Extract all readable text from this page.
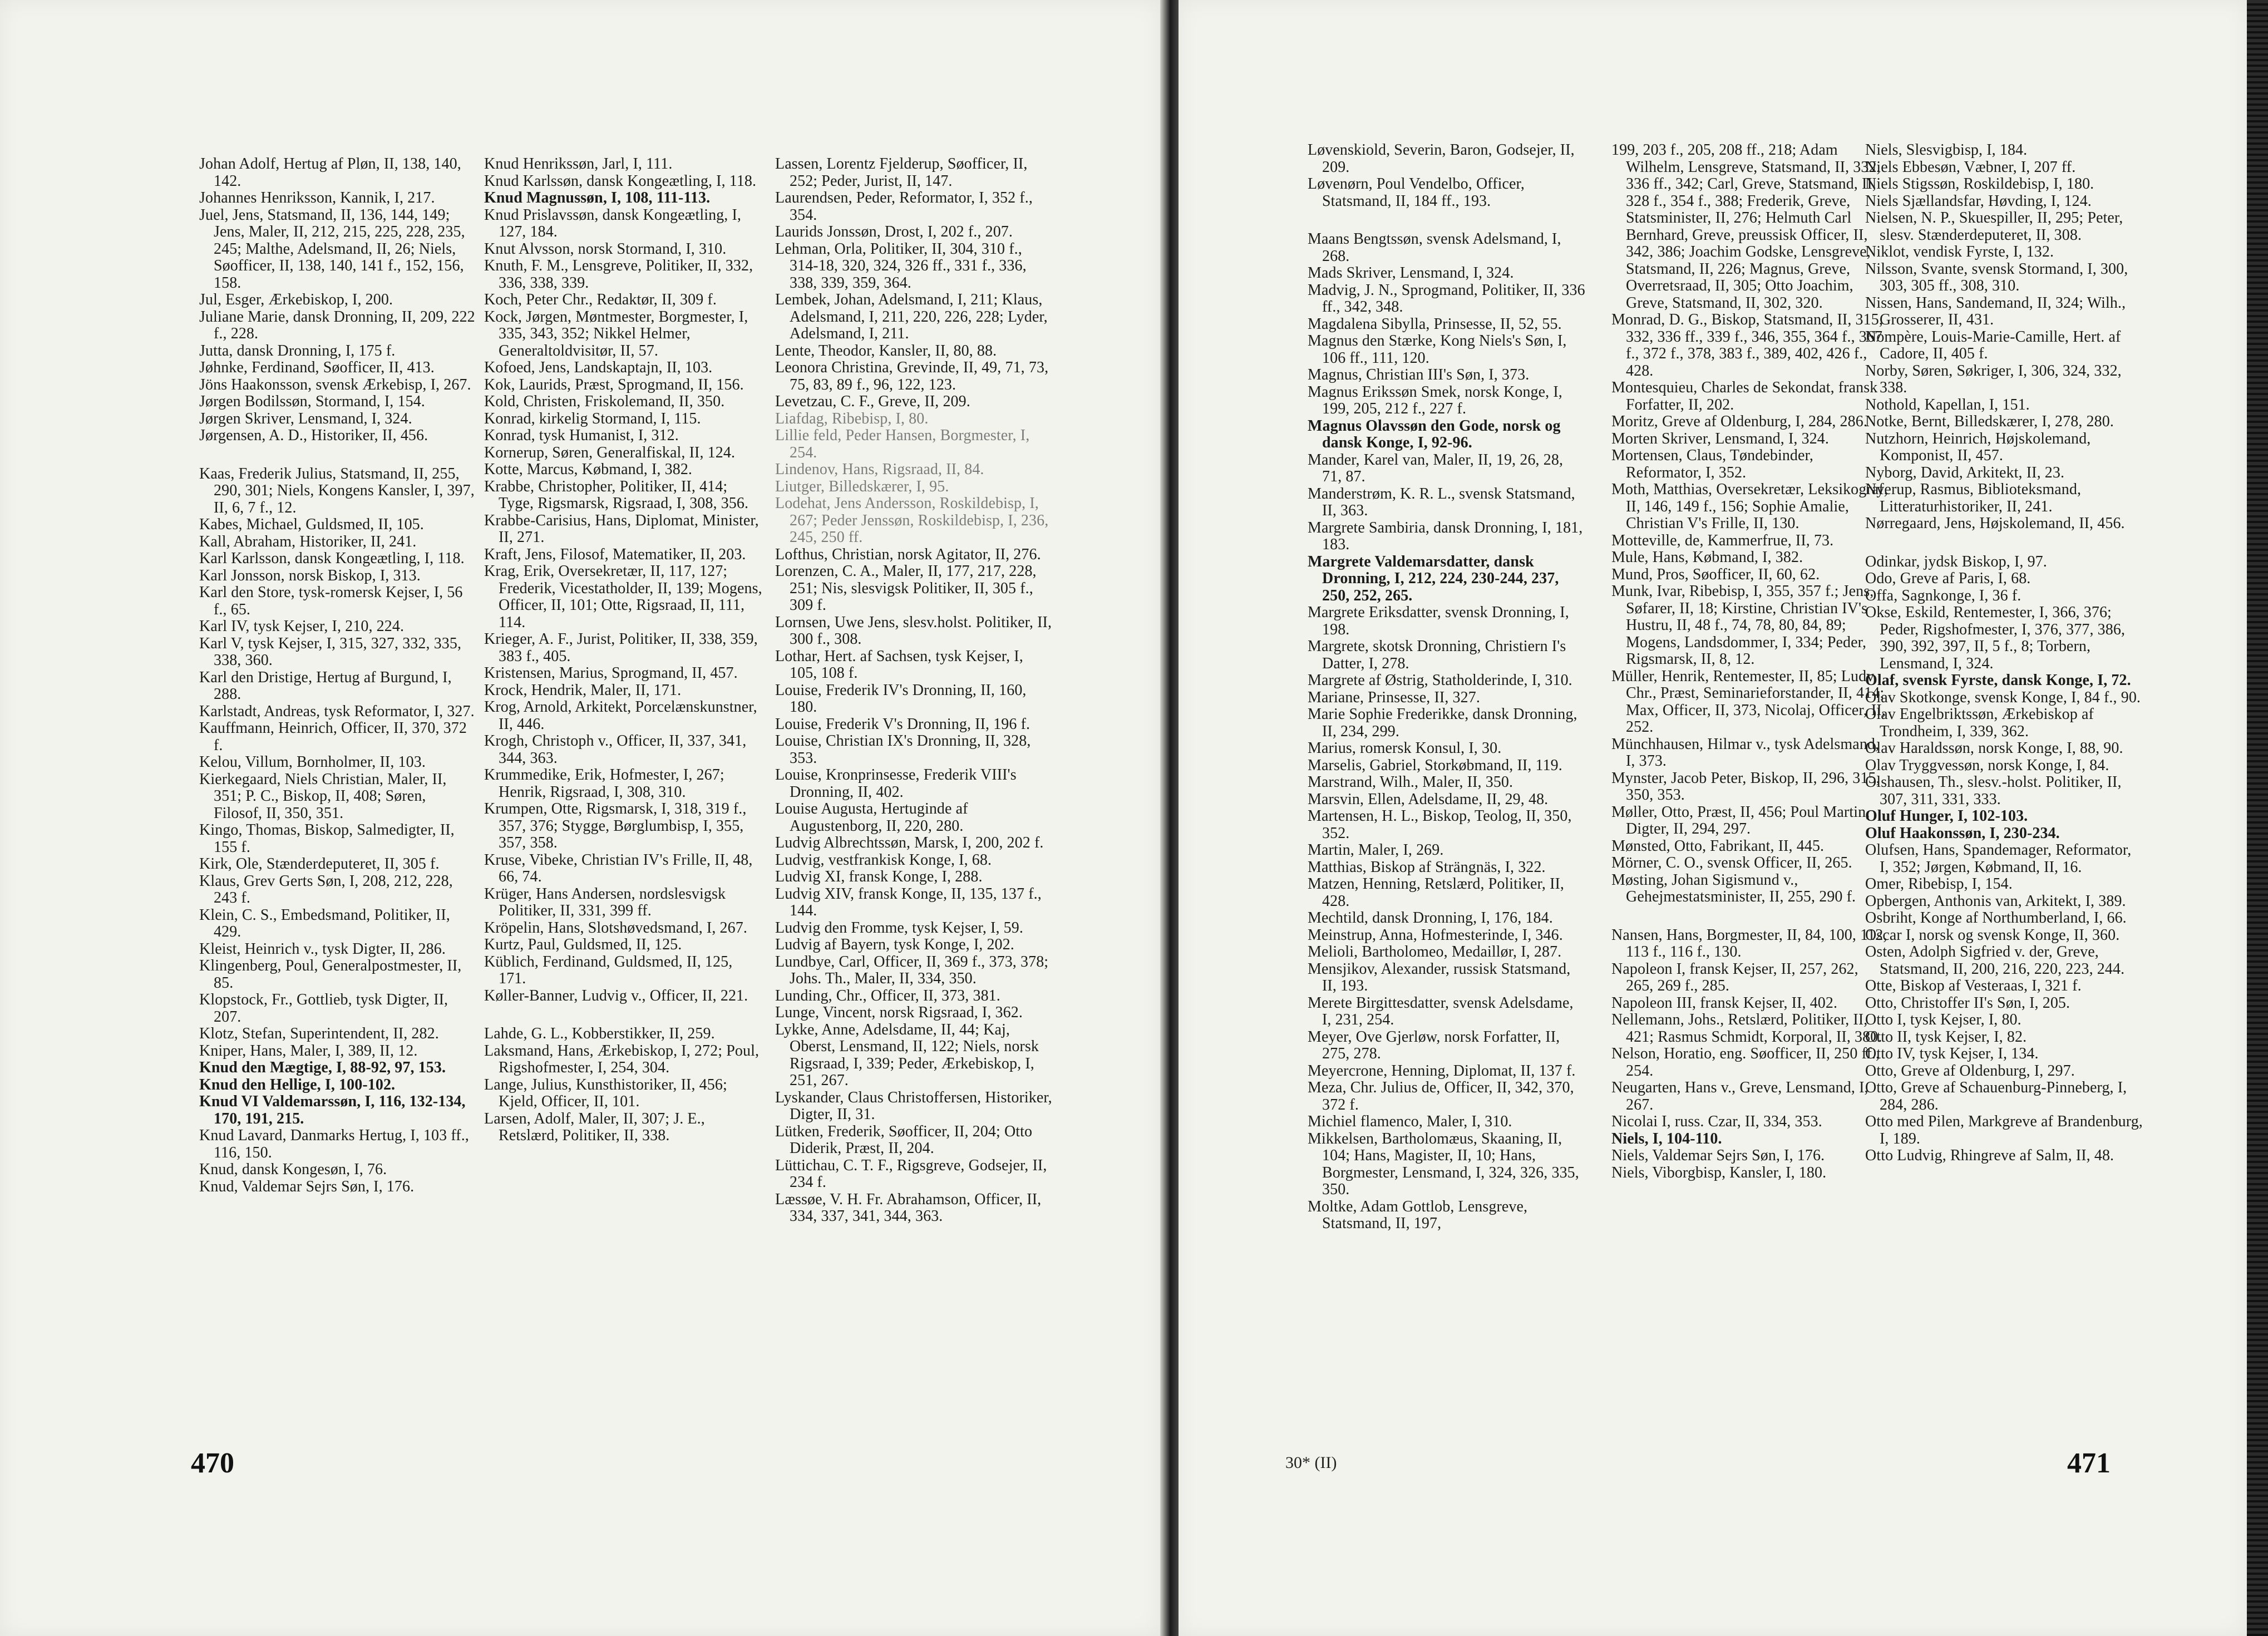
Johan Adolf, Hertug af Pløn, II, 138, 140, 142.
Johannes Henriksson, Kannik, I, 217.
Juel, Jens, Statsmand, II, 136, 144, 149; Jens, Maler, II, 212, 215, 225, 228, 235, 245; Malthe, Adelsmand, II, 26; Niels, Søofficer, II, 138, 140, 141 f., 152, 156, 158.
Jul, Esger, Ærkebiskop, I, 200.
Juliane Marie, dansk Dronning, II, 209, 222 f., 228.
Jutta, dansk Dronning, I, 175 f.
Jøhnke, Ferdinand, Søofficer, II, 413.
Jöns Haakonsson, svensk Ærkebisp, I, 267.
Jørgen Bodilssøn, Stormand, I, 154.
Jørgen Skriver, Lensmand, I, 324.
Jørgensen, A. D., Historiker, II, 456.
Kaas, Frederik Julius, Statsmand, II, 255, 290, 301; Niels, Kongens Kansler, I, 397, II, 6, 7 f., 12.
Kabes, Michael, Guldsmed, II, 105.
Kall, Abraham, Historiker, II, 241.
Karl Karlsson, dansk Kongeætling, I, 118.
Karl Jonsson, norsk Biskop, I, 313.
Karl den Store, tysk-romersk Kejser, I, 56 f., 65.
Karl IV, tysk Kejser, I, 210, 224.
Karl V, tysk Kejser, I, 315, 327, 332, 335, 338, 360.
Karl den Dristige, Hertug af Burgund, I, 288.
Karlstadt, Andreas, tysk Reformator, I, 327.
Kauffmann, Heinrich, Officer, II, 370, 372 f.
Kelou, Villum, Bornholmer, II, 103.
Kierkegaard, Niels Christian, Maler, II, 351; P. C., Biskop, II, 408; Søren, Filosof, II, 350, 351.
Kingo, Thomas, Biskop, Salmedigter, II, 155 f.
Kirk, Ole, Stænderdeputeret, II, 305 f.
Klaus, Grev Gerts Søn, I, 208, 212, 228, 243 f.
Klein, C. S., Embedsmand, Politiker, II, 429.
Kleist, Heinrich v., tysk Digter, II, 286.
Klingenberg, Poul, Generalpostmester, II, 85.
Klopstock, Fr., Gottlieb, tysk Digter, II, 207.
Klotz, Stefan, Superintendent, II, 282.
Kniper, Hans, Maler, I, 389, II, 12.
Knud den Mægtige, I, 88-92, 97, 153.
Knud den Hellige, I, 100-102.
Knud VI Valdemarssøn, I, 116, 132-134, 170, 191, 215.
Knud Lavard, Danmarks Hertug, I, 103 ff., 116, 150.
Knud, dansk Kongesøn, I, 76.
Knud, Valdemar Sejrs Søn, I, 176.
Knud Henrikssøn, Jarl, I, 111.
Knud Karlssøn, dansk Kongeætling, I, 118.
Knud Magnussøn, I, 108, 111-113.
Knud Prislavssøn, dansk Kongeætling, I, 127, 184.
Knut Alvsson, norsk Stormand, I, 310.
Knuth, F. M., Lensgreve, Politiker, II, 332, 336, 338, 339.
Koch, Peter Chr., Redaktør, II, 309 f.
Kock, Jørgen, Møntmester, Borgmester, I, 335, 343, 352; Nikkel Helmer, Generaltoldvisitør, II, 57.
Kofoed, Jens, Landskaptajn, II, 103.
Kok, Laurids, Præst, Sprogmand, II, 156.
Kold, Christen, Friskolemand, II, 350.
Konrad, kirkelig Stormand, I, 115.
Konrad, tysk Humanist, I, 312.
Kornerup, Søren, Generalfiskal, II, 124.
Kotte, Marcus, Købmand, I, 382.
Krabbe, Christopher, Politiker, II, 414; Tyge, Rigsmarsk, Rigsraad, I, 308, 356.
Krabbe-Carisius, Hans, Diplomat, Minister, II, 271.
Kraft, Jens, Filosof, Matematiker, II, 203.
Krag, Erik, Oversekretær, II, 117, 127; Frederik, Vicestatholder, II, 139; Mogens, Officer, II, 101; Otte, Rigsraad, II, 111, 114.
Krieger, A. F., Jurist, Politiker, II, 338, 359, 383 f., 405.
Kristensen, Marius, Sprogmand, II, 457.
Krock, Hendrik, Maler, II, 171.
Krog, Arnold, Arkitekt, Porcelænskunstner, II, 446.
Krogh, Christoph v., Officer, II, 337, 341, 344, 363.
Krummedike, Erik, Hofmester, I, 267; Henrik, Rigsraad, I, 308, 310.
Krumpen, Otte, Rigsmarsk, I, 318, 319 f., 357, 376; Stygge, Børglumbisp, I, 355, 357, 358.
Kruse, Vibeke, Christian IV's Frille, II, 48, 66, 74.
Krüger, Hans Andersen, nordslesvigsk Politiker, II, 331, 399 ff.
Kröpelin, Hans, Slotshøvedsmand, I, 267.
Kurtz, Paul, Guldsmed, II, 125.
Küblich, Ferdinand, Guldsmed, II, 125, 171.
Køller-Banner, Ludvig v., Officer, II, 221.
Lahde, G. L., Kobberstikker, II, 259.
Laksmand, Hans, Ærkebiskop, I, 272; Poul, Rigshofmester, I, 254, 304.
Lange, Julius, Kunsthistoriker, II, 456; Kjeld, Officer, II, 101.
Larsen, Adolf, Maler, II, 307; J. E., Retslærd, Politiker, II, 338.
Lassen, Lorentz Fjelderup, Søofficer, II, 252; Peder, Jurist, II, 147.
Laurendsen, Peder, Reformator, I, 352 f., 354.
Laurids Jonssøn, Drost, I, 202 f., 207.
Lehman, Orla, Politiker, II, 304, 310 f., 314-18, 320, 324, 326 ff., 331 f., 336, 338, 339, 359, 364.
Lembek, Johan, Adelsmand, I, 211; Klaus, Adelsmand, I, 211, 220, 226, 228; Lyder, Adelsmand, I, 211.
Lente, Theodor, Kansler, II, 80, 88.
Leonora Christina, Grevinde, II, 49, 71, 73, 75, 83, 89 f., 96, 122, 123.
Levetzau, C. F., Greve, II, 209.
Liafdag, Ribebisp, I, 80.
Lillie feld, Peder Hansen, Borgmester, I, 254.
Lindenov, Hans, Rigsraad, II, 84.
Liutger, Billedskærer, I, 95.
Lodehat, Jens Andersson, Roskildebisp, I, 267; Peder Jenssøn, Roskildebisp, I, 236, 245, 250 ff.
Lofthus, Christian, norsk Agitator, II, 276.
Lorenzen, C. A., Maler, II, 177, 217, 228, 251; Nis, slesvigsk Politiker, II, 305 f., 309 f.
Lornsen, Uwe Jens, slesv.holst. Politiker, II, 300 f., 308.
Lothar, Hert. af Sachsen, tysk Kejser, I, 105, 108 f.
Louise, Frederik IV's Dronning, II, 160, 180.
Louise, Frederik V's Dronning, II, 196 f.
Louise, Christian IX's Dronning, II, 328, 353.
Louise, Kronprinsesse, Frederik VIII's Dronning, II, 402.
Louise Augusta, Hertuginde af Augustenborg, II, 220, 280.
Ludvig Albrechtssøn, Marsk, I, 200, 202 f.
Ludvig, vestfrankisk Konge, I, 68.
Ludvig XI, fransk Konge, I, 288.
Ludvig XIV, fransk Konge, II, 135, 137 f., 144.
Ludvig den Fromme, tysk Kejser, I, 59.
Ludvig af Bayern, tysk Konge, I, 202.
Lundbye, Carl, Officer, II, 369 f., 373, 378; Johs. Th., Maler, II, 334, 350.
Lunding, Chr., Officer, II, 373, 381.
Lunge, Vincent, norsk Rigsraad, I, 362.
Lykke, Anne, Adelsdame, II, 44; Kaj, Oberst, Lensmand, II, 122; Niels, norsk Rigsraad, I, 339; Peder, Ærkebiskop, I, 251, 267.
Lyskander, Claus Christoffersen, Historiker, Digter, II, 31.
Lütken, Frederik, Søofficer, II, 204; Otto Diderik, Præst, II, 204.
Lüttichau, C. T. F., Rigsgreve, Godsejer, II, 234 f.
Læssøe, V. H. Fr. Abrahamson, Officer, II, 334, 337, 341, 344, 363.
470
Løvenskiold, Severin, Baron, Godsejer, II, 209.
Løvenørn, Poul Vendelbo, Officer, Statsmand, II, 184 ff., 193.
Maans Bengtssøn, svensk Adelsmand, I, 268.
Mads Skriver, Lensmand, I, 324.
Madvig, J. N., Sprogmand, Politiker, II, 336 ff., 342, 348.
Magdalena Sibylla, Prinsesse, II, 52, 55.
Magnus den Stærke, Kong Niels's Søn, I, 106 ff., 111, 120.
Magnus, Christian III's Søn, I, 373.
Magnus Erikssøn Smek, norsk Konge, I, 199, 205, 212 f., 227 f.
Magnus Olavssøn den Gode, norsk og dansk Konge, I, 92-96.
Mander, Karel van, Maler, II, 19, 26, 28, 71, 87.
Manderstrøm, K. R. L., svensk Statsmand, II, 363.
Margrete Sambiria, dansk Dronning, I, 181, 183.
Margrete Valdemarsdatter, dansk Dronning, I, 212, 224, 230-244, 237, 250, 252, 265.
Margrete Eriksdatter, svensk Dronning, I, 198.
Margrete, skotsk Dronning, Christiern I's Datter, I, 278.
Margrete af Østrig, Statholderinde, I, 310.
Mariane, Prinsesse, II, 327.
Marie Sophie Frederikke, dansk Dronning, II, 234, 299.
Marius, romersk Konsul, I, 30.
Marselis, Gabriel, Storkøbmand, II, 119.
Marstrand, Wilh., Maler, II, 350.
Marsvin, Ellen, Adelsdame, II, 29, 48.
Martensen, H. L., Biskop, Teolog, II, 350, 352.
Martin, Maler, I, 269.
Matthias, Biskop af Strängnäs, I, 322.
Matzen, Henning, Retslærd, Politiker, II, 428.
Mechtild, dansk Dronning, I, 176, 184.
Meinstrup, Anna, Hofmesterinde, I, 346.
Melioli, Bartholomeo, Medaillør, I, 287.
Mensjikov, Alexander, russisk Statsmand, II, 193.
Merete Birgittesdatter, svensk Adelsdame, I, 231, 254.
Meyer, Ove Gjerløw, norsk Forfatter, II, 275, 278.
Meyercrone, Henning, Diplomat, II, 137 f.
Meza, Chr. Julius de, Officer, II, 342, 370, 372 f.
Michiel flamenco, Maler, I, 310.
Mikkelsen, Bartholomæus, Skaaning, II, 104; Hans, Magister, II, 10; Hans, Borgmester, Lensmand, I, 324, 326, 335, 350.
Moltke, Adam Gottlob, Lensgreve, Statsmand, II, 197,
199, 203 f., 205, 208 ff., 218; Adam Wilhelm, Lensgreve, Statsmand, II, 332, 336 ff., 342; Carl, Greve, Statsmand, II, 328 f., 354 f., 388; Frederik, Greve, Statsminister, II, 276; Helmuth Carl Bernhard, Greve, preussisk Officer, II, 342, 386; Joachim Godske, Lensgreve, Statsmand, II, 226; Magnus, Greve, Overretsraad, II, 305; Otto Joachim, Greve, Statsmand, II, 302, 320.
Monrad, D. G., Biskop, Statsmand, II, 315, 332, 336 ff., 339 f., 346, 355, 364 f., 367 f., 372 f., 378, 383 f., 389, 402, 426 f., 428.
Montesquieu, Charles de Sekondat, fransk Forfatter, II, 202.
Moritz, Greve af Oldenburg, I, 284, 286.
Morten Skriver, Lensmand, I, 324.
Mortensen, Claus, Tøndebinder, Reformator, I, 352.
Moth, Matthias, Oversekretær, Leksikograf, II, 146, 149 f., 156; Sophie Amalie, Christian V's Frille, II, 130.
Motteville, de, Kammerfrue, II, 73.
Mule, Hans, Købmand, I, 382.
Mund, Pros, Søofficer, II, 60, 62.
Munk, Ivar, Ribebisp, I, 355, 357 f.; Jens, Søfarer, II, 18; Kirstine, Christian IV's Hustru, II, 48 f., 74, 78, 80, 84, 89; Mogens, Landsdommer, I, 334; Peder, Rigsmarsk, II, 8, 12.
Müller, Henrik, Rentemester, II, 85; Ludv. Chr., Præst, Seminarieforstander, II, 414; Max, Officer, II, 373, Nicolaj, Officer, II, 252.
Münchhausen, Hilmar v., tysk Adelsmand, I, 373.
Mynster, Jacob Peter, Biskop, II, 296, 315, 350, 353.
Møller, Otto, Præst, II, 456; Poul Martin, Digter, II, 294, 297.
Mønsted, Otto, Fabrikant, II, 445.
Mörner, C. O., svensk Officer, II, 265.
Møsting, Johan Sigismund v., Gehejmestatsminister, II, 255, 290 f.
Nansen, Hans, Borgmester, II, 84, 100, 112, 113 f., 116 f., 130.
Napoleon I, fransk Kejser, II, 257, 262, 265, 269 f., 285.
Napoleon III, fransk Kejser, II, 402.
Nellemann, Johs., Retslærd, Politiker, II, 421; Rasmus Schmidt, Korporal, II, 380.
Nelson, Horatio, eng. Søofficer, II, 250 ff., 254.
Neugarten, Hans v., Greve, Lensmand, I, 267.
Nicolai I, russ. Czar, II, 334, 353.
Niels, I, 104-110.
Niels, Valdemar Sejrs Søn, I, 176.
Niels, Viborgbisp, Kansler, I, 180.
Niels, Slesvigbisp, I, 184.
Niels Ebbesøn, Væbner, I, 207 ff.
Niels Stigssøn, Roskildebisp, I, 180.
Niels Sjællandsfar, Høvding, I, 124.
Nielsen, N. P., Skuespiller, II, 295; Peter, slesv. Stænderdeputeret, II, 308.
Niklot, vendisk Fyrste, I, 132.
Nilsson, Svante, svensk Stormand, I, 300, 303, 305 ff., 308, 310.
Nissen, Hans, Sandemand, II, 324; Wilh., Grosserer, II, 431.
Nompère, Louis-Marie-Camille, Hert. af Cadore, II, 405 f.
Norby, Søren, Søkriger, I, 306, 324, 332, 338.
Nothold, Kapellan, I, 151.
Notke, Bernt, Billedskærer, I, 278, 280.
Nutzhorn, Heinrich, Højskolemand, Komponist, II, 457.
Nyborg, David, Arkitekt, II, 23.
Nyerup, Rasmus, Biblioteksmand, Litteraturhistoriker, II, 241.
Nørregaard, Jens, Højskolemand, II, 456.
Odinkar, jydsk Biskop, I, 97.
Odo, Greve af Paris, I, 68.
Offa, Sagnkonge, I, 36 f.
Okse, Eskild, Rentemester, I, 366, 376; Peder, Rigshofmester, I, 376, 377, 386, 390, 392, 397, II, 5 f., 8; Torbern, Lensmand, I, 324.
Olaf, svensk Fyrste, dansk Konge, I, 72.
Olav Skotkonge, svensk Konge, I, 84 f., 90.
Olav Engelbriktssøn, Ærkebiskop af Trondheim, I, 339, 362.
Olav Haraldssøn, norsk Konge, I, 88, 90.
Olav Tryggvessøn, norsk Konge, I, 84.
Olshausen, Th., slesv.-holst. Politiker, II, 307, 311, 331, 333.
Oluf Hunger, I, 102-103.
Oluf Haakonssøn, I, 230-234.
Olufsen, Hans, Spandemager, Reformator, I, 352; Jørgen, Købmand, II, 16.
Omer, Ribebisp, I, 154.
Opbergen, Anthonis van, Arkitekt, I, 389.
Osbriht, Konge af Northumberland, I, 66.
Oscar I, norsk og svensk Konge, II, 360.
Osten, Adolph Sigfried v. der, Greve, Statsmand, II, 200, 216, 220, 223, 244.
Otte, Biskop af Vesteraas, I, 321 f.
Otto, Christoffer II's Søn, I, 205.
Otto I, tysk Kejser, I, 80.
Otto II, tysk Kejser, I, 82.
Otto IV, tysk Kejser, I, 134.
Otto, Greve af Oldenburg, I, 297.
Otto, Greve af Schauenburg-Pinneberg, I, 284, 286.
Otto med Pilen, Markgreve af Brandenburg, I, 189.
Otto Ludvig, Rhingreve af Salm, II, 48.
30* (II)	471
